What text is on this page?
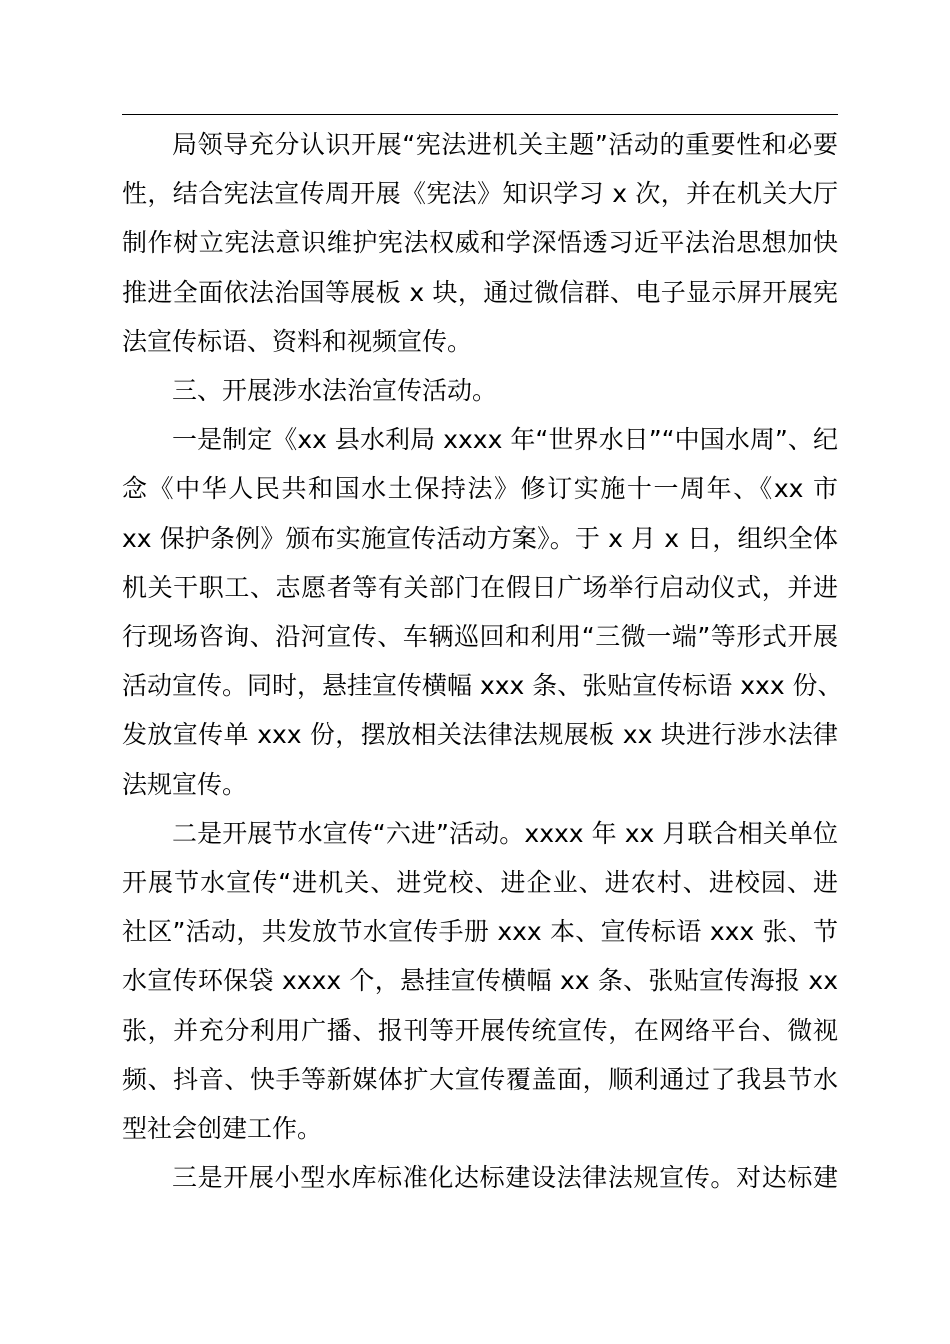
局领导充分认识开展“宪法进机关主题”活动的重要性和必要
性，结合宪法宣传周开展《宪法》知识学习 x 次，并在机关大厅
制作树立宪法意识维护宪法权威和学深悟透习近平法治思想加快
推进全面依法治国等展板 x 块，通过微信群、电子显示屏开展宪
法宣传标语、资料和视频宣传。

三、开展涉水法治宣传活动。

一是制定《xx 县水利局 xxxx 年“世界水日”“中国水周”、纪
念《中华人民共和国水土保持法》修订实施十一周年、《xx 市
xx 保护条例》颁布实施宣传活动方案》。于 x 月 x 日，组织全体
机关干职工、志愿者等有关部门在假日广场举行启动仪式，并进
行现场咨询、沿河宣传、车辆巡回和利用“三微一端”等形式开展
活动宣传。同时，悬挂宣传横幅 xxx 条、张贴宣传标语 xxx 份、
发放宣传单 xxx 份，摆放相关法律法规展板 xx 块进行涉水法律
法规宣传。

二是开展节水宣传“六进”活动。xxxx 年 xx 月联合相关单位
开展节水宣传“进机关、进党校、进企业、进农村、进校园、进
社区”活动，共发放节水宣传手册 xxx 本、宣传标语 xxx 张、节
水宣传环保袋 xxxx 个，悬挂宣传横幅 xx 条、张贴宣传海报 xx
张，并充分利用广播、报刊等开展传统宣传，在网络平台、微视
频、抖音、快手等新媒体扩大宣传覆盖面，顺利通过了我县节水
型社会创建工作。

三是开展小型水库标准化达标建设法律法规宣传。对达标建
